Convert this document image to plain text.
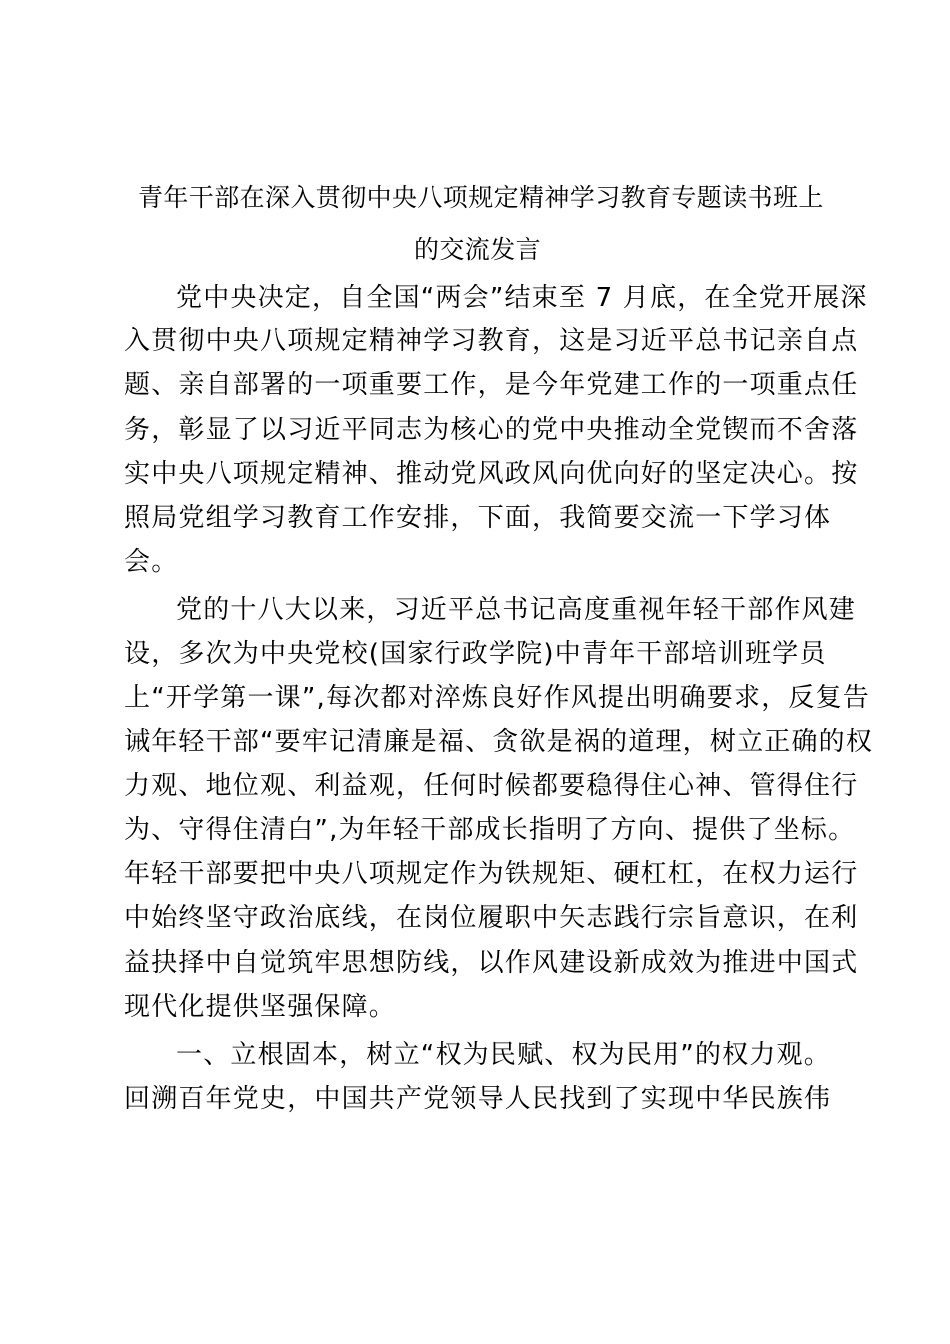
青年干部在深入贯彻中央八项规定精神学习教育专题读书班上
的交流发言
党中央决定，自全国“两会”结束至 7 月底，在全党开展深
入贯彻中央八项规定精神学习教育，这是习近平总书记亲自点
题、亲自部署的一项重要工作，是今年党建工作的一项重点任
务，彰显了以习近平同志为核心的党中央推动全党锲而不舍落
实中央八项规定精神、推动党风政风向优向好的坚定决心。按
照局党组学习教育工作安排，下面，我简要交流一下学习体
会。
党的十八大以来，习近平总书记高度重视年轻干部作风建
设，多次为中央党校(国家行政学院)中青年干部培训班学员
上“开学第一课”,每次都对淬炼良好作风提出明确要求，反复告
诫年轻干部“要牢记清廉是福、贪欲是祸的道理，树立正确的权
力观、地位观、利益观，任何时候都要稳得住心神、管得住行
为、守得住清白”,为年轻干部成长指明了方向、提供了坐标。
年轻干部要把中央八项规定作为铁规矩、硬杠杠，在权力运行
中始终坚守政治底线，在岗位履职中矢志践行宗旨意识，在利
益抉择中自觉筑牢思想防线，以作风建设新成效为推进中国式
现代化提供坚强保障。
一、立根固本，树立“权为民赋、权为民用”的权力观。
回溯百年党史，中国共产党领导人民找到了实现中华民族伟
